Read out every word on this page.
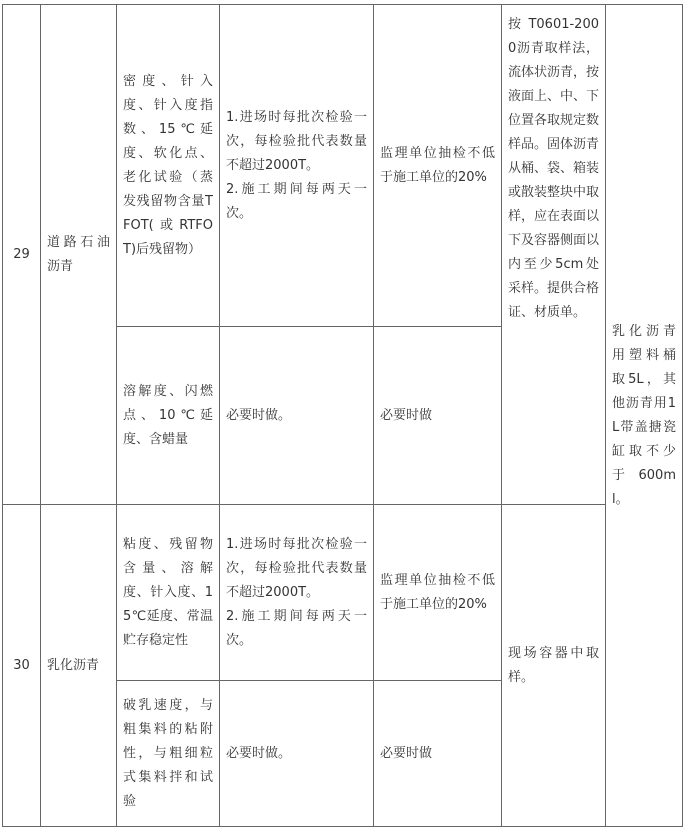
29	道路石油沥青	密度、针入度、针入度指数、15℃延度、软化点、老化试验（蒸发残留物含量TFOT(或RTFOT)后残留物）	1.进场时每批次检验一次，每检验批代表数量不超过2000T。
2.施工期间每两天一次。	监理单位抽检不低于施工单位的20%	按T0601-2000沥青取样法，流体状沥青，按液面上、中、下位置各取规定数样品。固体沥青从桶、袋、箱装或散装整块中取样，应在表面以下及容器侧面以内至少5cm处采样。提供合格证、材质单。	乳化沥青用塑料桶取5L，其他沥青用1L带盖搪瓷缸取不少于600ml。

		溶解度、闪燃点、10℃延度、含蜡量	必要时做。	必要时做		

30	乳化沥青	粘度、残留物含量、溶解度、针入度、15℃延度、常温贮存稳定性	1.进场时每批次检验一次，每检验批代表数量不超过2000T。
2.施工期间每两天一次。	监理单位抽检不低于施工单位的20%	现场容器中取样。	

		破乳速度，与粗集料的粘附性，与粗细粒式集料拌和试验	必要时做。	必要时做		
